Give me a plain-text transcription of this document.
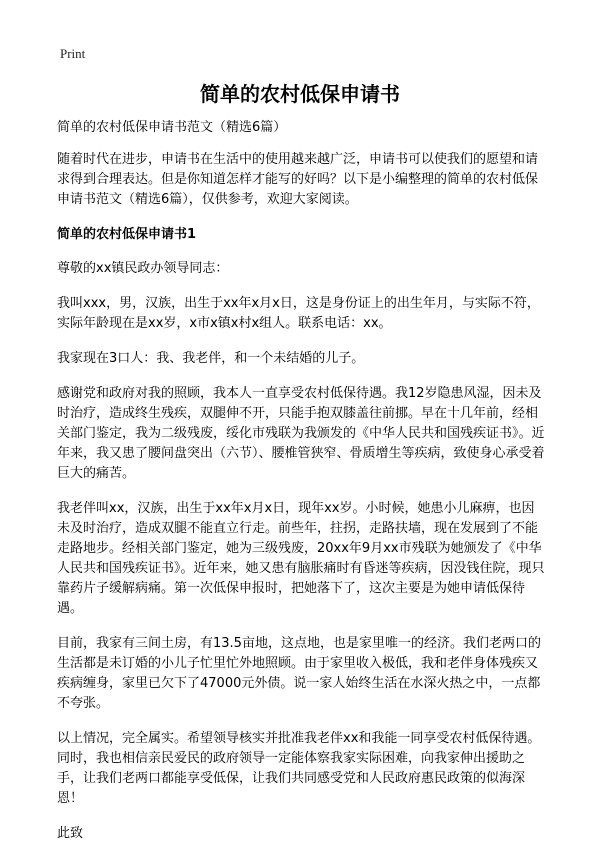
Print
简单的农村低保申请书

简单的农村低保申请书范文（精选6篇）

随着时代在进步，申请书在生活中的使用越来越广泛，申请书可以使我们的愿望和请求得到合理表达。但是你知道怎样才能写的好吗？以下是小编整理的简单的农村低保申请书范文（精选6篇），仅供参考，欢迎大家阅读。

简单的农村低保申请书1

尊敬的xx镇民政办领导同志：

我叫xxx，男，汉族，出生于xx年x月x日，这是身份证上的出生年月，与实际不符，实际年龄现在是xx岁，x市x镇x村x组人。联系电话：xx。

我家现在3口人：我、我老伴，和一个未结婚的儿子。

感谢党和政府对我的照顾，我本人一直享受农村低保待遇。我12岁隐患风湿，因未及时治疗，造成终生残疾，双腿伸不开，只能手抱双膝盖往前挪。早在十几年前，经相关部门鉴定，我为二级残废，绥化市残联为我颁发的《中华人民共和国残疾证书》。近年来，我又患了腰间盘突出（六节）、腰椎管狭窄、骨质增生等疾病，致使身心承受着巨大的痛苦。

我老伴叫xx，汉族，出生于xx年x月x日，现年xx岁。小时候，她患小儿麻痹，也因未及时治疗，造成双腿不能直立行走。前些年，拄拐，走路扶墙，现在发展到了不能走路地步。经相关部门鉴定，她为三级残废，20xx年9月xx市残联为她颁发了《中华人民共和国残疾证书》。近年来，她又患有脑胀痛时有昏迷等疾病，因没钱住院，现只靠药片子缓解病痛。第一次低保申报时，把她落下了，这次主要是为她申请低保待遇。

目前，我家有三间土房，有13.5亩地，这点地，也是家里唯一的经济。我们老两口的生活都是未订婚的小儿子忙里忙外地照顾。由于家里收入极低，我和老伴身体残疾又疾病缠身，家里已欠下了47000元外债。说一家人始终生活在水深火热之中，一点都不夸张。

以上情况，完全属实。希望领导核实并批准我老伴xx和我能一同享受农村低保待遇。同时，我也相信亲民爱民的政府领导一定能体察我家实际困难，向我家伸出援助之手，让我们老两口都能享受低保，让我们共同感受党和人民政府惠民政策的似海深恩！

此致
